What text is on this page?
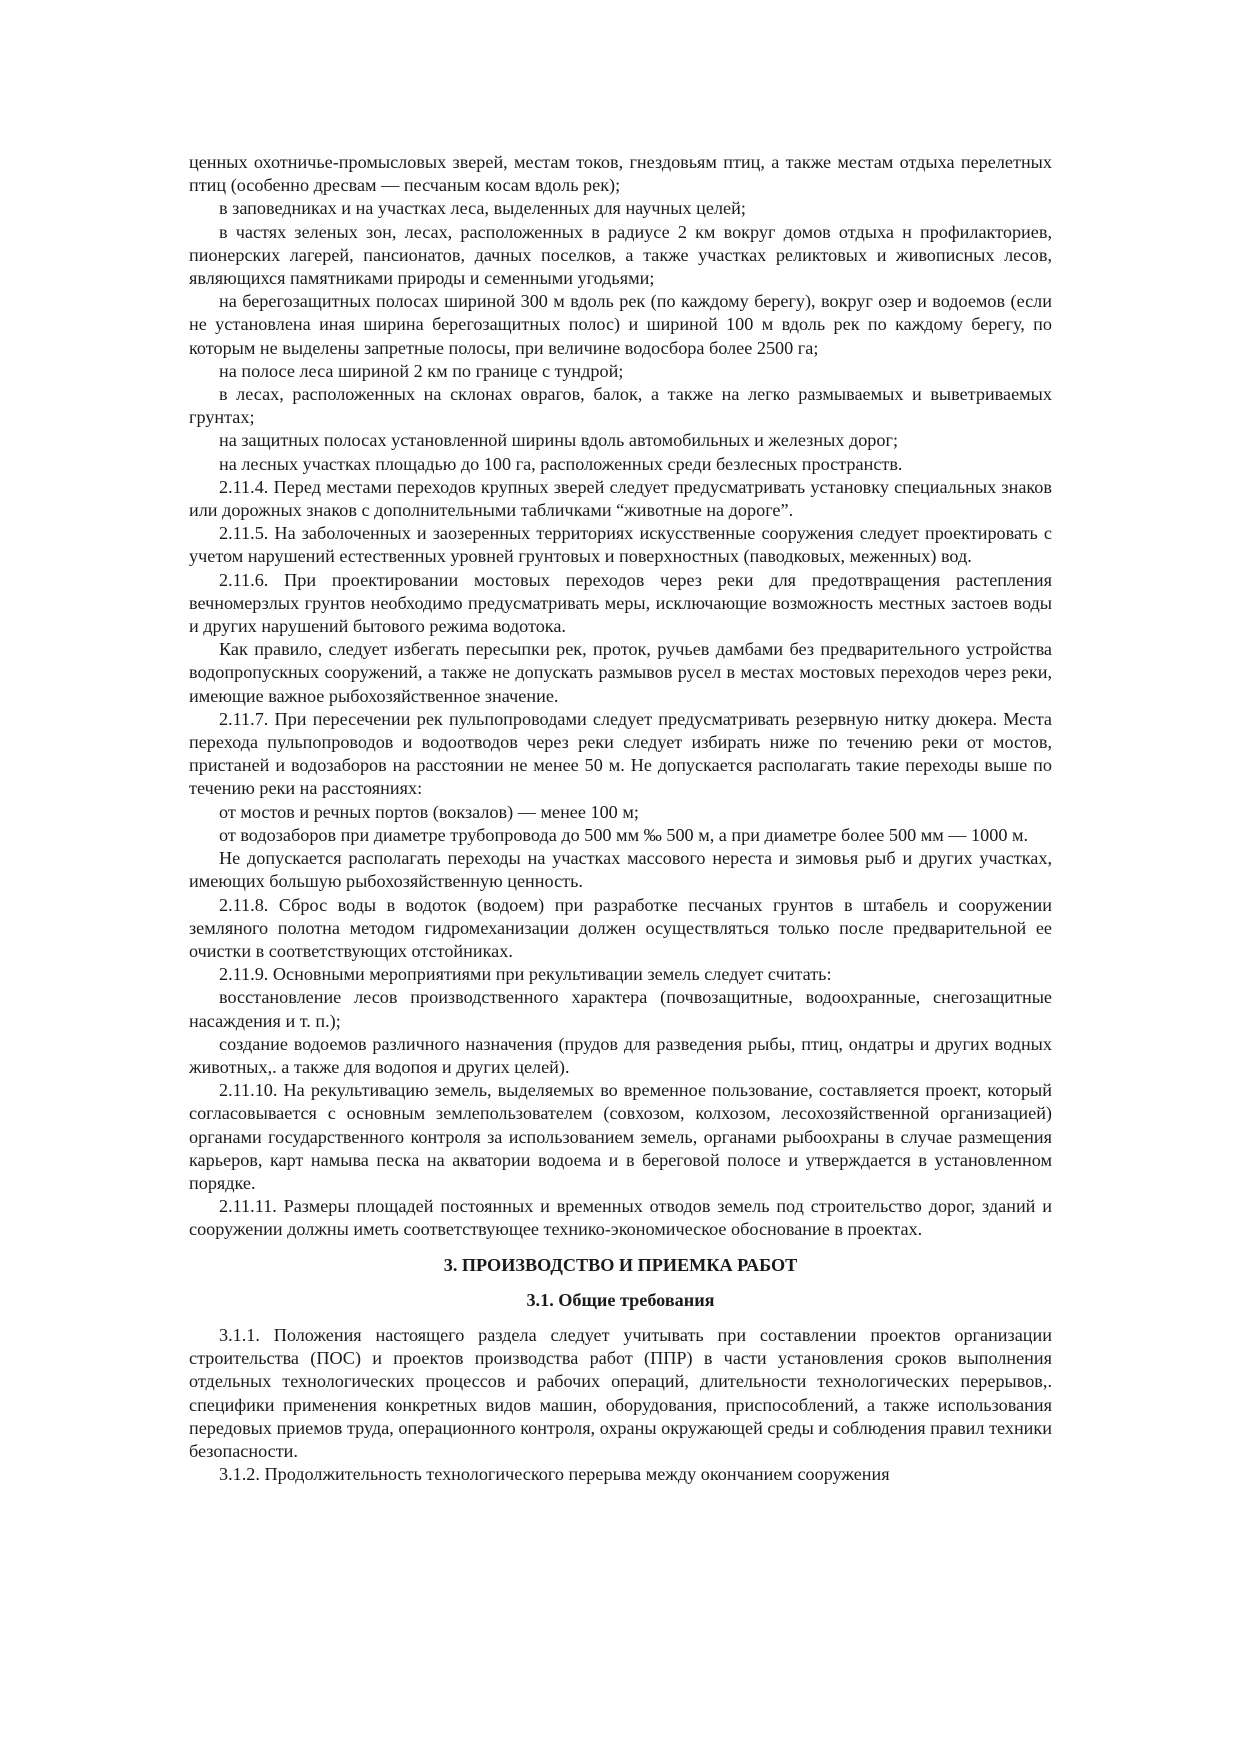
ценных охотничье-промысловых зверей, местам токов, гнездовьям птиц, а также местам отдыха перелетных птиц (особенно дресвам — песчаным косам вдоль рек);

в заповедниках и на участках леса, выделенных для научных целей;

в частях зеленых зон, лесах, расположенных в радиусе 2 км вокруг домов отдыха н профилакториев, пионерских лагерей, пансионатов, дачных поселков, а также участках реликтовых и живописных лесов, являющихся памятниками природы и семенными угодьями;

на берегозащитных полосах шириной 300 м вдоль рек (по каждому берегу), вокруг озер и водоемов (если не установлена иная ширина берегозащитных полос) и шириной 100 м вдоль рек по каждому берегу, по которым не выделены запретные полосы, при величине водосбора более 2500 га;

на полосе леса шириной 2 км по границе с тундрой;

в лесах, расположенных на склонах оврагов, балок, а также на легко размываемых и выветриваемых грунтах;

на защитных полосах установленной ширины вдоль автомобильных и железных дорог;

на лесных участках площадью до 100 га, расположенных среди безлесных пространств.

2.11.4. Перед местами переходов крупных зверей следует предусматривать установку специальных знаков или дорожных знаков с дополнительными табличками “животные на дороге”.

2.11.5. На заболоченных и заозеренных территориях искусственные сооружения следует проектировать с учетом нарушений естественных уровней грунтовых и поверхностных (паводковых, меженных) вод.

2.11.6. При проектировании мостовых переходов через реки для предотвращения растепления вечномерзлых грунтов необходимо предусматривать меры, исключающие возможность местных застоев воды и других нарушений бытового режима водотока.

Как правило, следует избегать пересыпки рек, проток, ручьев дамбами без предварительного устройства водопропускных сооружений, а также не допускать размывов русел в местах мостовых переходов через реки, имеющие важное рыбохозяйственное значение.

2.11.7. При пересечении рек пульпопроводами следует предусматривать резервную нитку дюкера. Места перехода пульпопроводов и водоотводов через реки следует избирать ниже по течению реки от мостов, пристаней и водозаборов на расстоянии не менее 50 м. Не допускается располагать такие переходы выше по течению реки на расстояниях:

от мостов и речных портов (вокзалов) — менее 100 м;

от водозаборов при диаметре трубопровода до 500 мм ‰ 500 м, а при диаметре более 500 мм — 1000 м.

Не допускается располагать переходы на участках массового нереста и зимовья рыб и других участках, имеющих большую рыбохозяйственную ценность.

2.11.8. Сброс воды в водоток (водоем) при разработке песчаных грунтов в штабель и сооружении земляного полотна методом гидромеханизации должен осуществляться только после предварительной ее очистки в соответствующих отстойниках.

2.11.9. Основными мероприятиями при рекультивации земель следует считать:

восстановление лесов производственного характера (почвозащитные, водоохранные, снегозащитные насаждения и т. п.);

создание водоемов различного назначения (прудов для разведения рыбы, птиц, ондатры и других водных животных,. а также для водопоя и других целей).

2.11.10. На рекультивацию земель, выделяемых во временное пользование, составляется проект, который согласовывается с основным землепользователем (совхозом, колхозом, лесохозяйственной организацией) органами государственного контроля за использованием земель, органами рыбоохраны в случае размещения карьеров, карт намыва песка на акватории водоема и в береговой полосе и утверждается в установленном порядке.

2.11.11. Размеры площадей постоянных и временных отводов земель под строительство дорог, зданий и сооружении должны иметь соответствующее технико-экономическое обоснование в проектах.

3. ПРОИЗВОДСТВО И ПРИЕМКА РАБОТ

3.1. Общие требования

3.1.1. Положения настоящего раздела следует учитывать при составлении проектов организации строительства (ПОС) и проектов производства работ (ППР) в части установления сроков выполнения отдельных технологических процессов и рабочих операций, длительности технологических перерывов,. специфики применения конкретных видов машин, оборудования, приспособлений, а также использования передовых приемов труда, операционного контроля, охраны окружающей среды и соблюдения правил техники безопасности.

3.1.2. Продолжительность технологического перерыва между окончанием сооружения
